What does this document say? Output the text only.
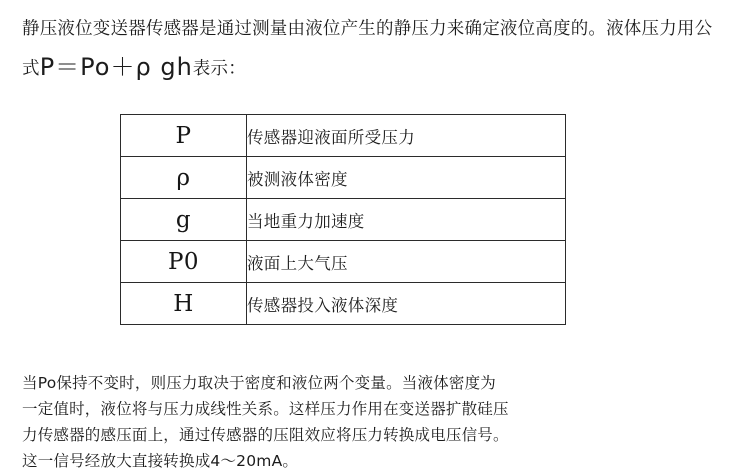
静压液位变送器传感器是通过测量由液位产生的静压力来确定液位高度的。液体压力用公式P＝Po＋ρ gh表示：
P	传感器迎液面所受压力
ρ	被测液体密度
g	当地重力加速度
P0	液面上大气压
H	传感器投入液体深度
当Po保持不变时，则压力取决于密度和液位两个变量。当液体密度为
一定值时，液位将与压力成线性关系。这样压力作用在变送器扩散硅压
力传感器的感压面上，通过传感器的压阻效应将压力转换成电压信号。
这一信号经放大直接转换成4～20mA。
